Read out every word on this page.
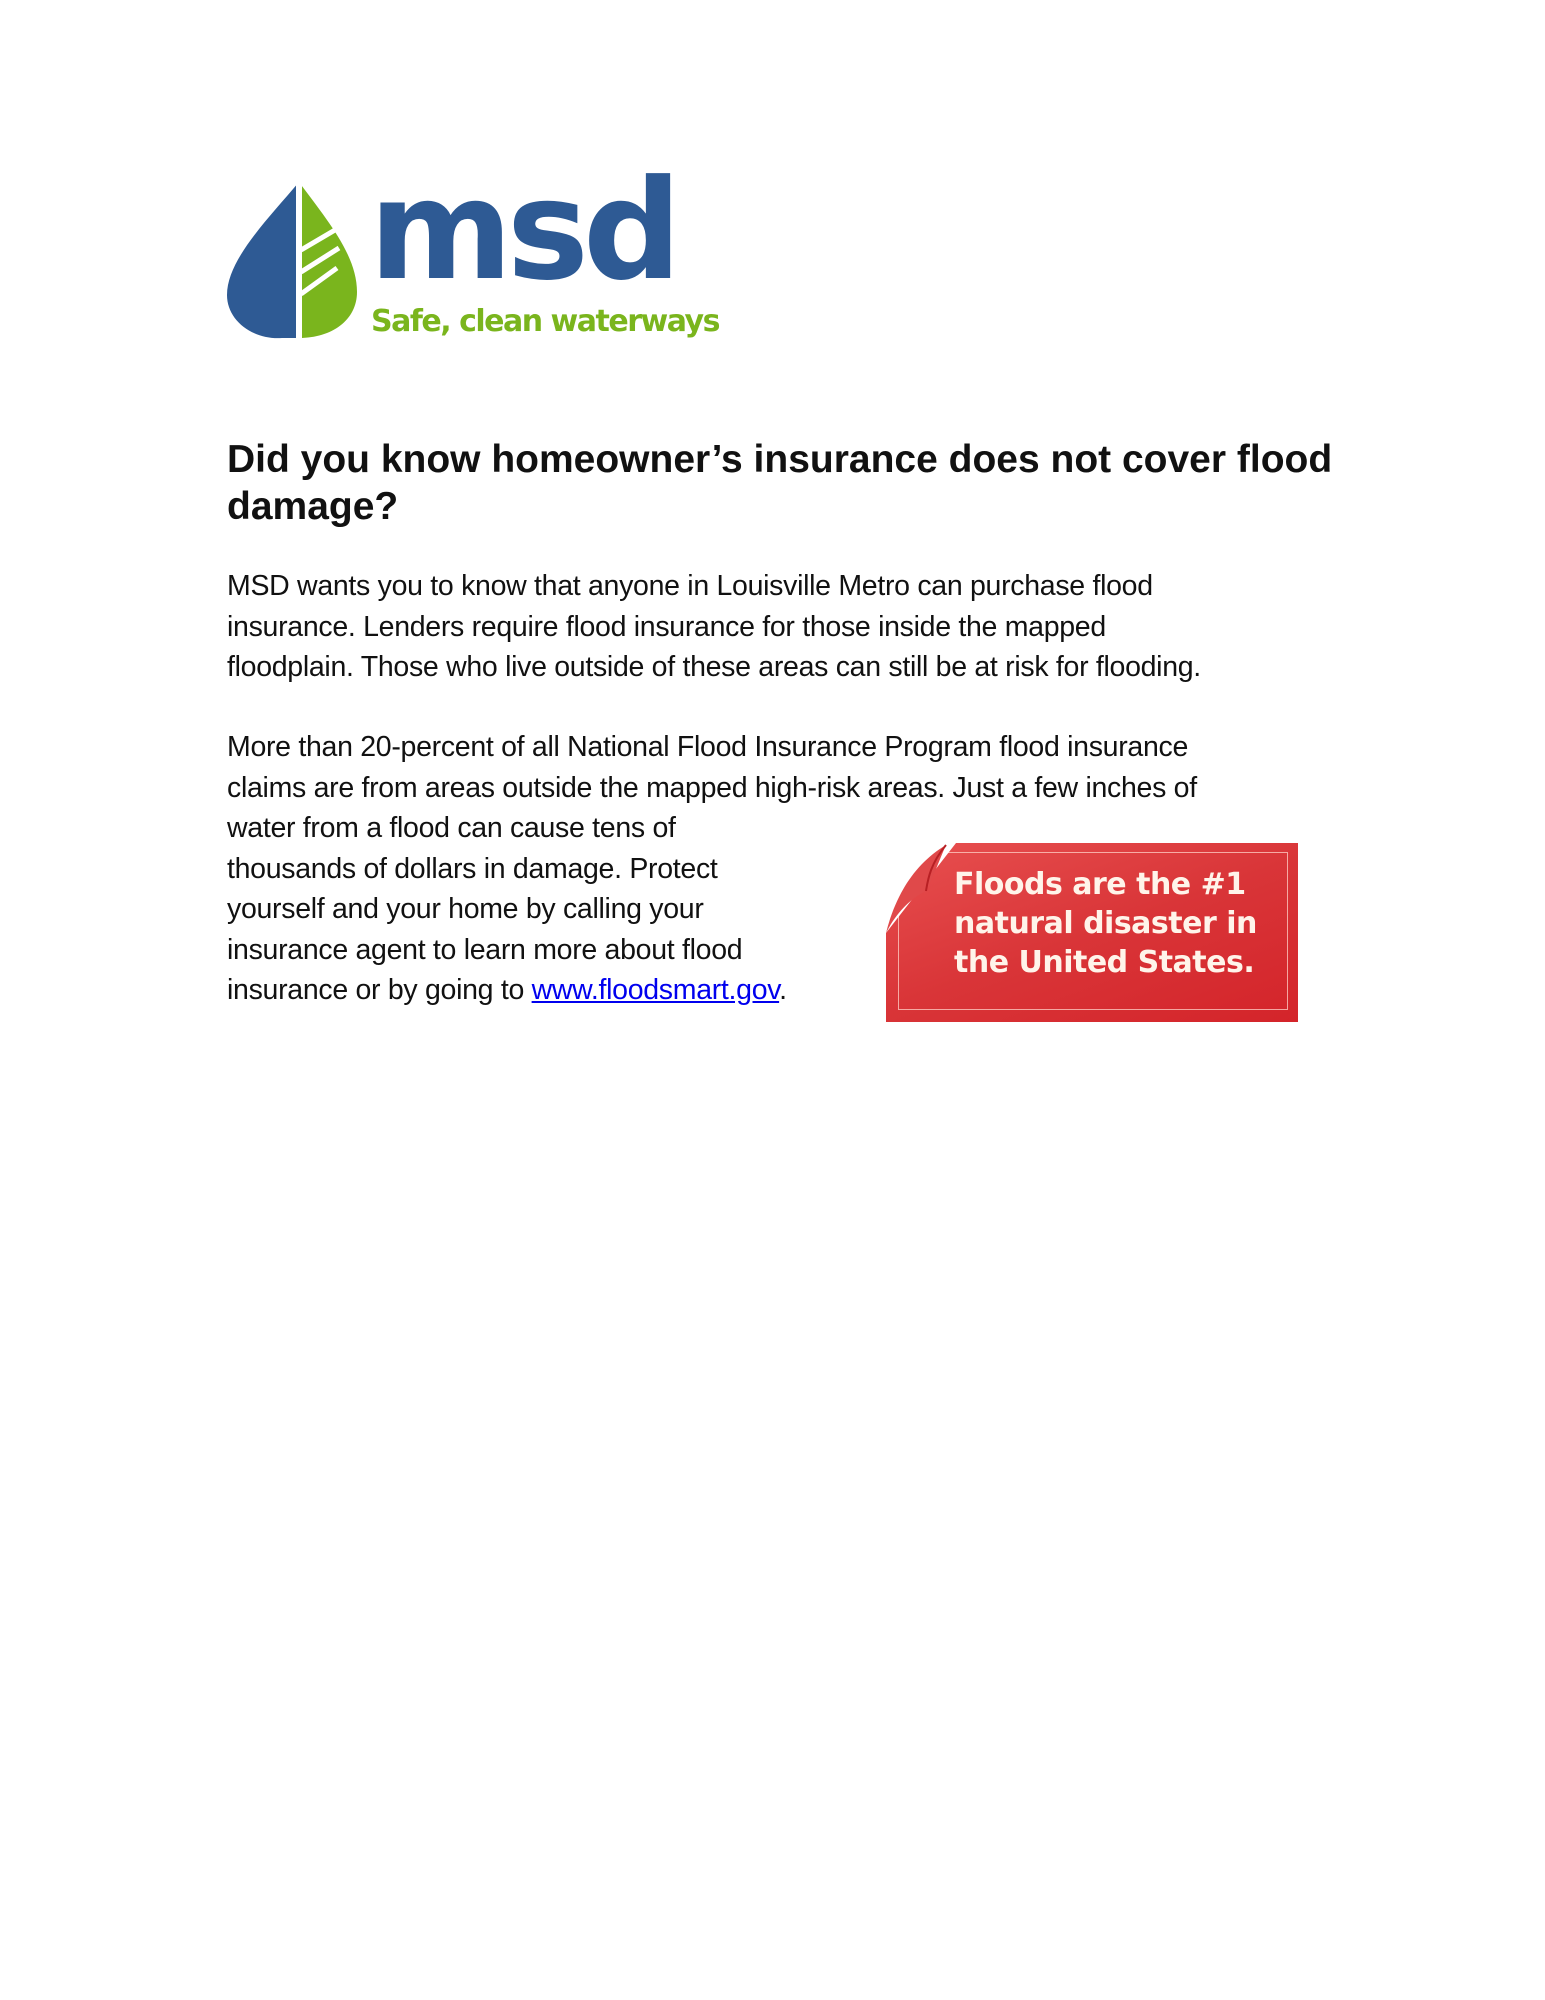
msd
Safe, clean waterways
Did you know homeowner’s insurance does not cover flood damage?
MSD wants you to know that anyone in Louisville Metro can purchase flood
insurance. Lenders require flood insurance for those inside the mapped
floodplain. Those who live outside of these areas can still be at risk for flooding.
More than 20-percent of all National Flood Insurance Program flood insurance
claims are from areas outside the mapped high-risk areas. Just a few inches of
water from a flood can cause tens of
thousands of dollars in damage. Protect
yourself and your home by calling your
insurance agent to learn more about flood
insurance or by going to www.floodsmart.gov.
Floods are the #1
natural disaster in
the United States.
